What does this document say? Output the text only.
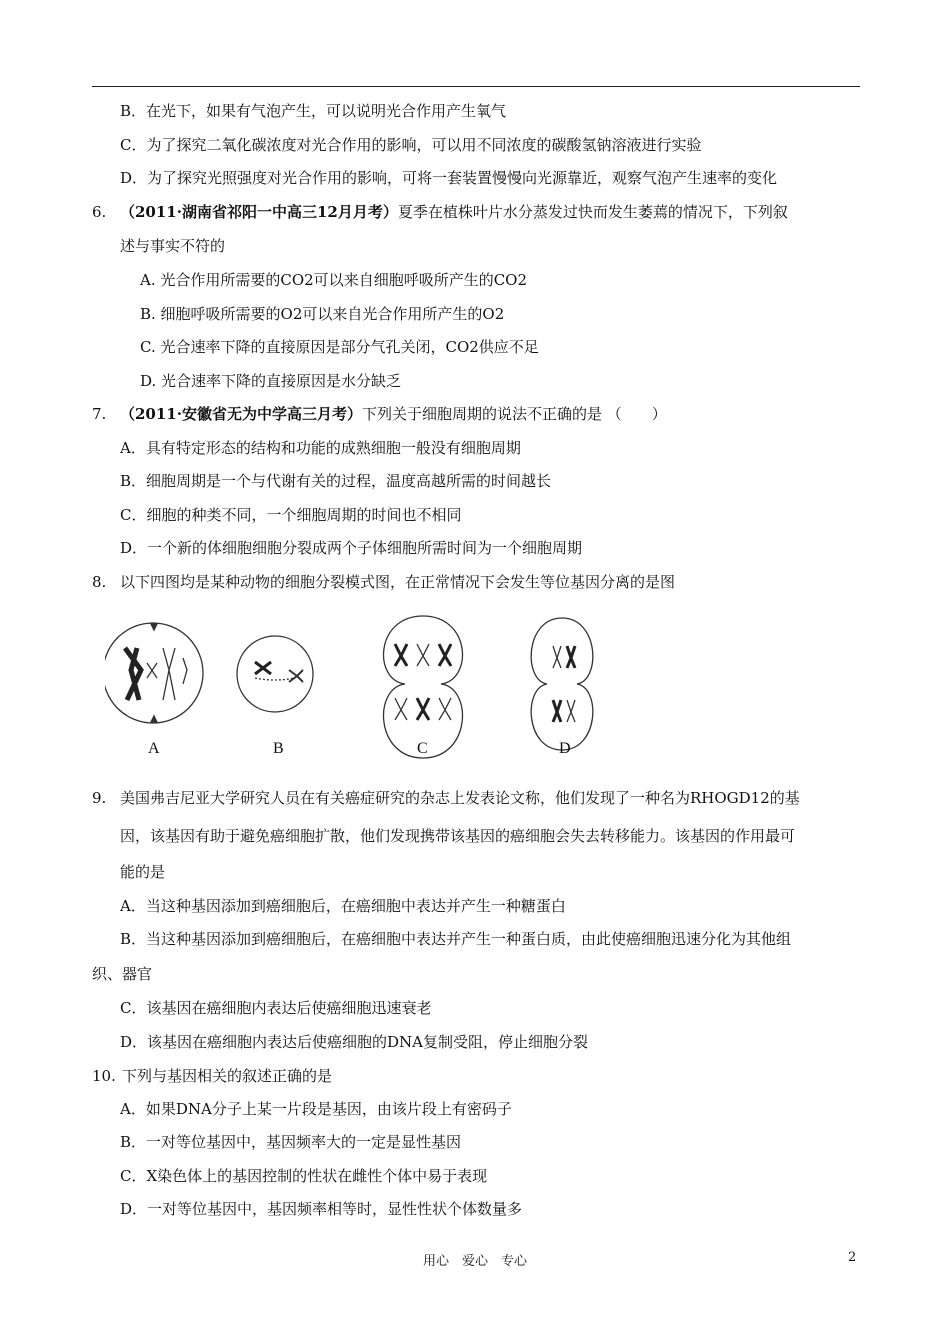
B．在光下，如果有气泡产生，可以说明光合作用产生氧气
C．为了探究二氧化碳浓度对光合作用的影响，可以用不同浓度的碳酸氢钠溶液进行实验
D．为了探究光照强度对光合作用的影响，可将一套装置慢慢向光源靠近，观察气泡产生速率的变化
6. （2011·湖南省祁阳一中高三12月月考）夏季在植株叶片水分蒸发过快而发生萎蔫的情况下，下列叙
述与事实不符的
A. 光合作用所需要的CO2可以来自细胞呼吸所产生的CO2
B. 细胞呼吸所需要的O2可以来自光合作用所产生的O2
C. 光合速率下降的直接原因是部分气孔关闭，CO2供应不足
D. 光合速率下降的直接原因是水分缺乏
7. （2011·安徽省无为中学高三月考）下列关于细胞周期的说法不正确的是 （　　）
A．具有特定形态的结构和功能的成熟细胞一般没有细胞周期
B．细胞周期是一个与代谢有关的过程，温度高越所需的时间越长
C．细胞的种类不同，一个细胞周期的时间也不相同
D．一个新的体细胞细胞分裂成两个子体细胞所需时间为一个细胞周期
8. 以下四图均是某种动物的细胞分裂模式图，在正常情况下会发生等位基因分离的是图
A	B	C	D
9. 美国弗吉尼亚大学研究人员在有关癌症研究的杂志上发表论文称，他们发现了一种名为RHOGD12的基
因，该基因有助于避免癌细胞扩散，他们发现携带该基因的癌细胞会失去转移能力。该基因的作用最可
能的是
A．当这种基因添加到癌细胞后，在癌细胞中表达并产生一种糖蛋白
B．当这种基因添加到癌细胞后，在癌细胞中表达并产生一种蛋白质，由此使癌细胞迅速分化为其他组
织、器官
C．该基因在癌细胞内表达后使癌细胞迅速衰老
D．该基因在癌细胞内表达后使癌细胞的DNA复制受阻，停止细胞分裂
10. 下列与基因相关的叙述正确的是
A．如果DNA分子上某一片段是基因，由该片段上有密码子
B．一对等位基因中，基因频率大的一定是显性基因
C．X染色体上的基因控制的性状在雌性个体中易于表现
D．一对等位基因中，基因频率相等时，显性性状个体数量多
用心　爱心　专心	2
